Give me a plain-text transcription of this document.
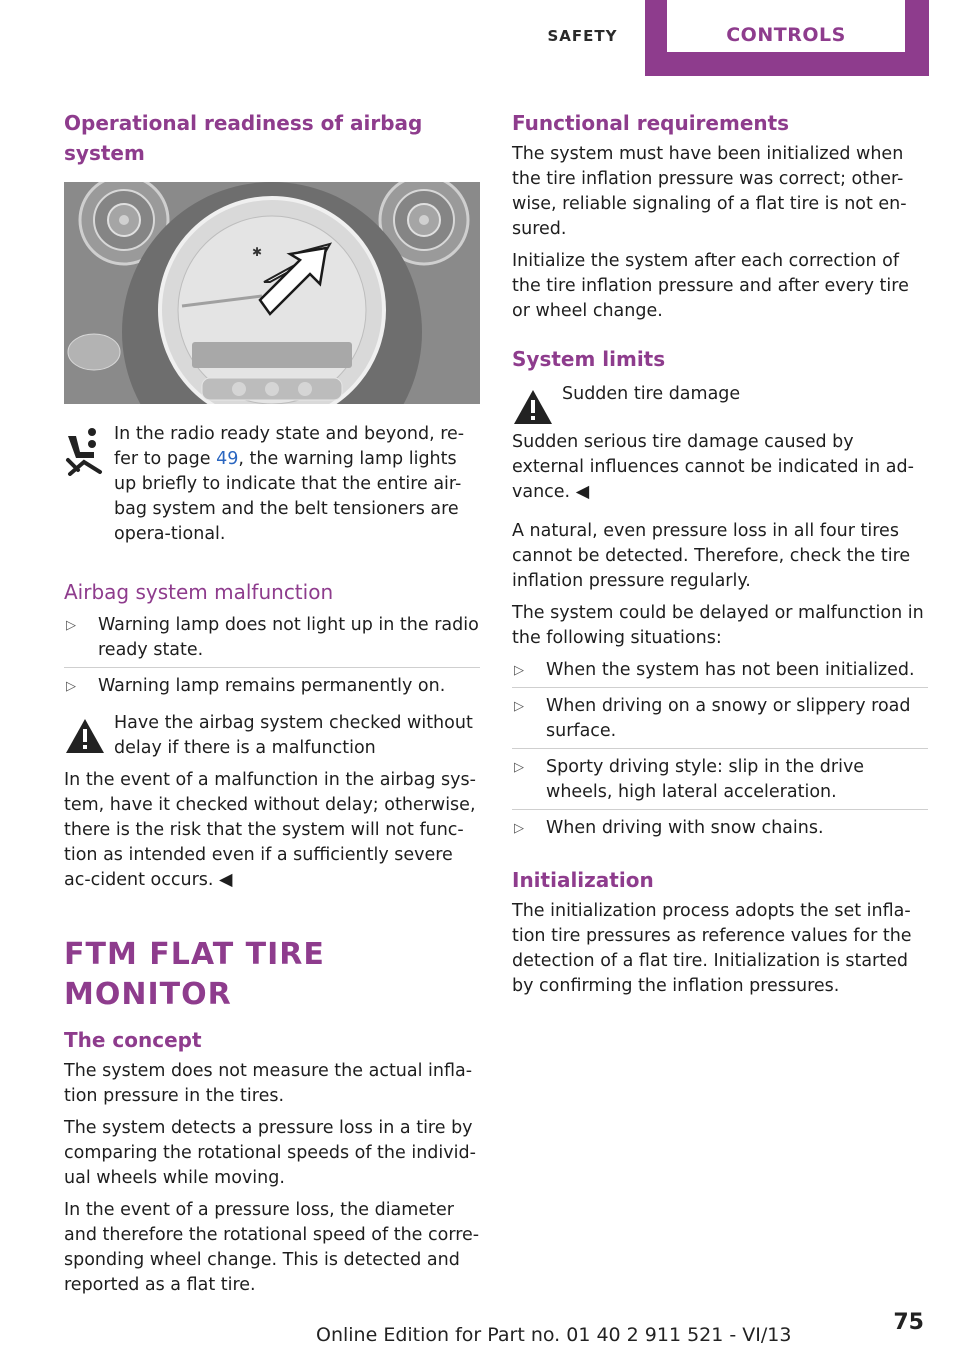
SAFETY	CONTROLS
Operational readiness of airbag system
✱

In the radio ready state and beyond, re-fer to page 49, the warning lamp lights up briefly to indicate that the entire air-bag system and the belt tensioners are opera-tional.

Airbag system malfunction
▷ Warning lamp does not light up in the radio ready state.
▷ Warning lamp remains permanently on.

Have the airbag system checked without delay if there is a malfunction

In the event of a malfunction in the airbag sys-tem, have it checked without delay; otherwise, there is the risk that the system will not func-tion as intended even if a sufficiently severe ac-cident occurs. ◀

FTM FLAT TIRE MONITOR
The concept

The system does not measure the actual infla-tion pressure in the tires.

The system detects a pressure loss in a tire by comparing the rotational speeds of the individ-ual wheels while moving.

In the event of a pressure loss, the diameter and therefore the rotational speed of the corre-sponding wheel change. This is detected and reported as a flat tire.

Functional requirements

The system must have been initialized when the tire inflation pressure was correct; other-wise, reliable signaling of a flat tire is not en-sured.

Initialize the system after each correction of the tire inflation pressure and after every tire or wheel change.

System limits

Sudden tire damage

Sudden serious tire damage caused by external influences cannot be indicated in ad-vance. ◀

A natural, even pressure loss in all four tires cannot be detected. Therefore, check the tire inflation pressure regularly.

The system could be delayed or malfunction in the following situations:

▷ When the system has not been initialized.
▷ When driving on a snowy or slippery road surface.
▷ Sporty driving style: slip in the drive wheels, high lateral acceleration.
▷ When driving with snow chains.
Initialization

The initialization process adopts the set infla-tion tire pressures as reference values for the detection of a flat tire. Initialization is started by confirming the inflation pressures.

Online Edition for Part no. 01 40 2 911 521 - VI/13	75
